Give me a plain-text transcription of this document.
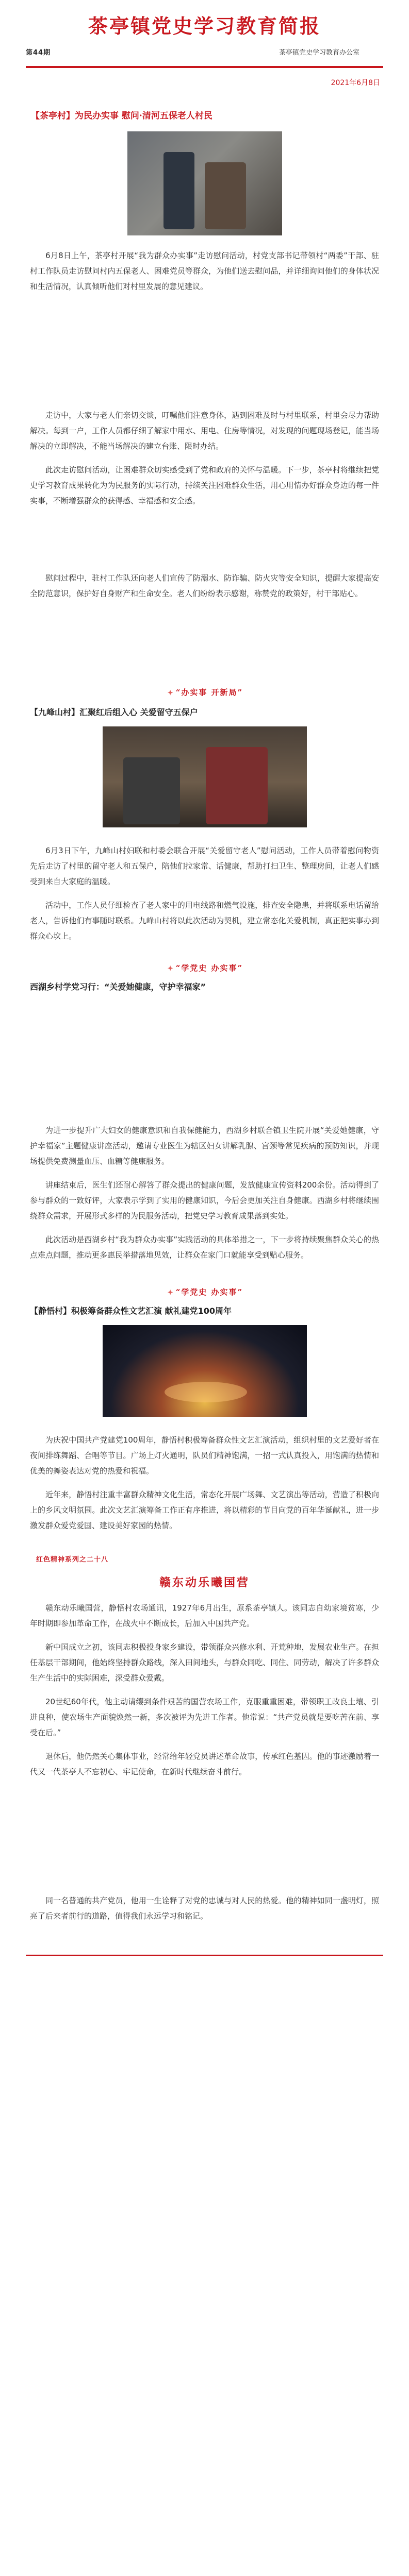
茶亭镇党史学习教育简报
第44期	茶亭镇党史学习教育办公室
2021年6月8日
【茶亭村】为民办实事 慰问·清河五保老人村民

6月8日上午，茶亭村开展“我为群众办实事”走访慰问活动，村党支部书记带领村“两委”干部、驻村工作队员走访慰问村内五保老人、困难党员等群众，为他们送去慰问品，并详细询问他们的身体状况和生活情况，认真倾听他们对村里发展的意见建议。

走访中，大家与老人们亲切交谈，叮嘱他们注意身体，遇到困难及时与村里联系，村里会尽力帮助解决。每到一户，工作人员都仔细了解家中用水、用电、住房等情况，对发现的问题现场登记，能当场解决的立即解决，不能当场解决的建立台账、限时办结。

此次走访慰问活动，让困难群众切实感受到了党和政府的关怀与温暖。下一步，茶亭村将继续把党史学习教育成果转化为为民服务的实际行动，持续关注困难群众生活，用心用情办好群众身边的每一件实事，不断增强群众的获得感、幸福感和安全感。

慰问过程中，驻村工作队还向老人们宣传了防溺水、防诈骗、防火灾等安全知识，提醒大家提高安全防范意识，保护好自身财产和生命安全。老人们纷纷表示感谢，称赞党的政策好，村干部贴心。

✦ “办实事 开新局”
【九峰山村】汇聚红后组入心 关爱留守五保户

6月3日下午，九峰山村妇联和村委会联合开展“关爱留守老人”慰问活动，工作人员带着慰问物资先后走访了村里的留守老人和五保户，陪他们拉家常、话健康，帮助打扫卫生、整理房间，让老人们感受到来自大家庭的温暖。

活动中，工作人员仔细检查了老人家中的用电线路和燃气设施，排查安全隐患，并将联系电话留给老人，告诉他们有事随时联系。九峰山村将以此次活动为契机，建立常态化关爱机制，真正把实事办到群众心坎上。

✦ “学党史 办实事”
西湖乡村学党习行：“关爱她健康，守护幸福家”

为进一步提升广大妇女的健康意识和自我保健能力，西湖乡村联合镇卫生院开展“关爱她健康，守护幸福家”主题健康讲座活动，邀请专业医生为辖区妇女讲解乳腺、宫颈等常见疾病的预防知识，并现场提供免费测量血压、血糖等健康服务。

讲座结束后，医生们还耐心解答了群众提出的健康问题，发放健康宣传资料200余份。活动得到了参与群众的一致好评，大家表示学到了实用的健康知识，今后会更加关注自身健康。西湖乡村将继续围绕群众需求，开展形式多样的为民服务活动，把党史学习教育成果落到实处。

此次活动是西湖乡村“我为群众办实事”实践活动的具体举措之一，下一步将持续聚焦群众关心的热点难点问题，推动更多惠民举措落地见效，让群众在家门口就能享受到贴心服务。

✦ “学党史 办实事”
【静悟村】积极筹备群众性文艺汇演 献礼建党100周年

为庆祝中国共产党建党100周年，静悟村积极筹备群众性文艺汇演活动，组织村里的文艺爱好者在夜间排练舞蹈、合唱等节目。广场上灯火通明，队员们精神饱满，一招一式认真投入，用饱满的热情和优美的舞姿表达对党的热爱和祝福。

近年来，静悟村注重丰富群众精神文化生活，常态化开展广场舞、文艺演出等活动，营造了积极向上的乡风文明氛围。此次文艺汇演筹备工作正有序推进，将以精彩的节目向党的百年华诞献礼，进一步激发群众爱党爱国、建设美好家园的热情。

红色精神系列之二十八
赣东动乐曦国营

赣东动乐曦国营，静悟村农场通讯，1927年6月出生，原系茶亭镇人。该同志自幼家境贫寒，少年时期即参加革命工作，在战火中不断成长，后加入中国共产党。

新中国成立之初，该同志积极投身家乡建设，带领群众兴修水利、开荒种地，发展农业生产。在担任基层干部期间，他始终坚持群众路线，深入田间地头，与群众同吃、同住、同劳动，解决了许多群众生产生活中的实际困难，深受群众爱戴。

20世纪60年代，他主动请缨到条件艰苦的国营农场工作，克服重重困难，带领职工改良土壤、引进良种，使农场生产面貌焕然一新，多次被评为先进工作者。他常说：“共产党员就是要吃苦在前、享受在后。”

退休后，他仍然关心集体事业，经常给年轻党员讲述革命故事，传承红色基因。他的事迹激励着一代又一代茶亭人不忘初心、牢记使命，在新时代继续奋斗前行。

同一名普通的共产党员，他用一生诠释了对党的忠诚与对人民的热爱。他的精神如同一盏明灯，照亮了后来者前行的道路，值得我们永远学习和铭记。
